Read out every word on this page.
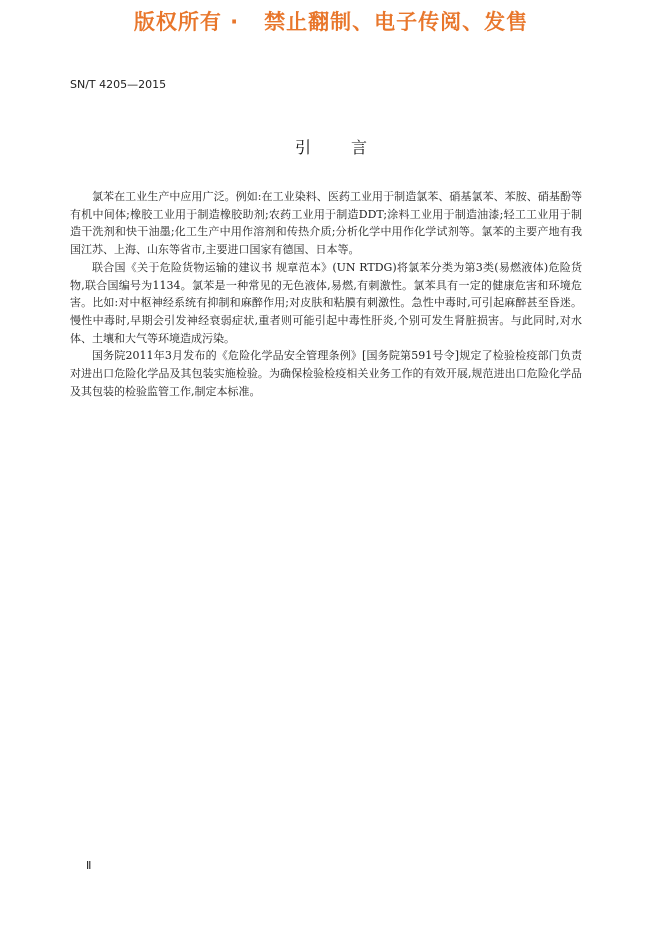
版权所有 ·   禁止翻制、电子传阅、发售
SN/T 4205—2015
引言

氯苯在工业生产中应用广泛。例如:在工业染料、医药工业用于制造氯苯、硝基氯苯、苯胺、硝基酚等有机中间体;橡胶工业用于制造橡胶助剂;农药工业用于制造DDT;涂料工业用于制造油漆;轻工工业用于制造干洗剂和快干油墨;化工生产中用作溶剂和传热介质;分析化学中用作化学试剂等。氯苯的主要产地有我国江苏、上海、山东等省市,主要进口国家有德国、日本等。

联合国《关于危险货物运输的建议书 规章范本》(UN RTDG)将氯苯分类为第3类(易燃液体)危险货物,联合国编号为1134。氯苯是一种常见的无色液体,易燃,有刺激性。氯苯具有一定的健康危害和环境危害。比如:对中枢神经系统有抑制和麻醉作用;对皮肤和粘膜有刺激性。急性中毒时,可引起麻醉甚至昏迷。慢性中毒时,早期会引发神经衰弱症状,重者则可能引起中毒性肝炎,个别可发生肾脏损害。与此同时,对水体、土壤和大气等环境造成污染。

国务院2011年3月发布的《危险化学品安全管理条例》[国务院第591号令]规定了检验检疫部门负责对进出口危险化学品及其包装实施检验。为确保检验检疫相关业务工作的有效开展,规范进出口危险化学品及其包装的检验监管工作,制定本标准。

Ⅱ
